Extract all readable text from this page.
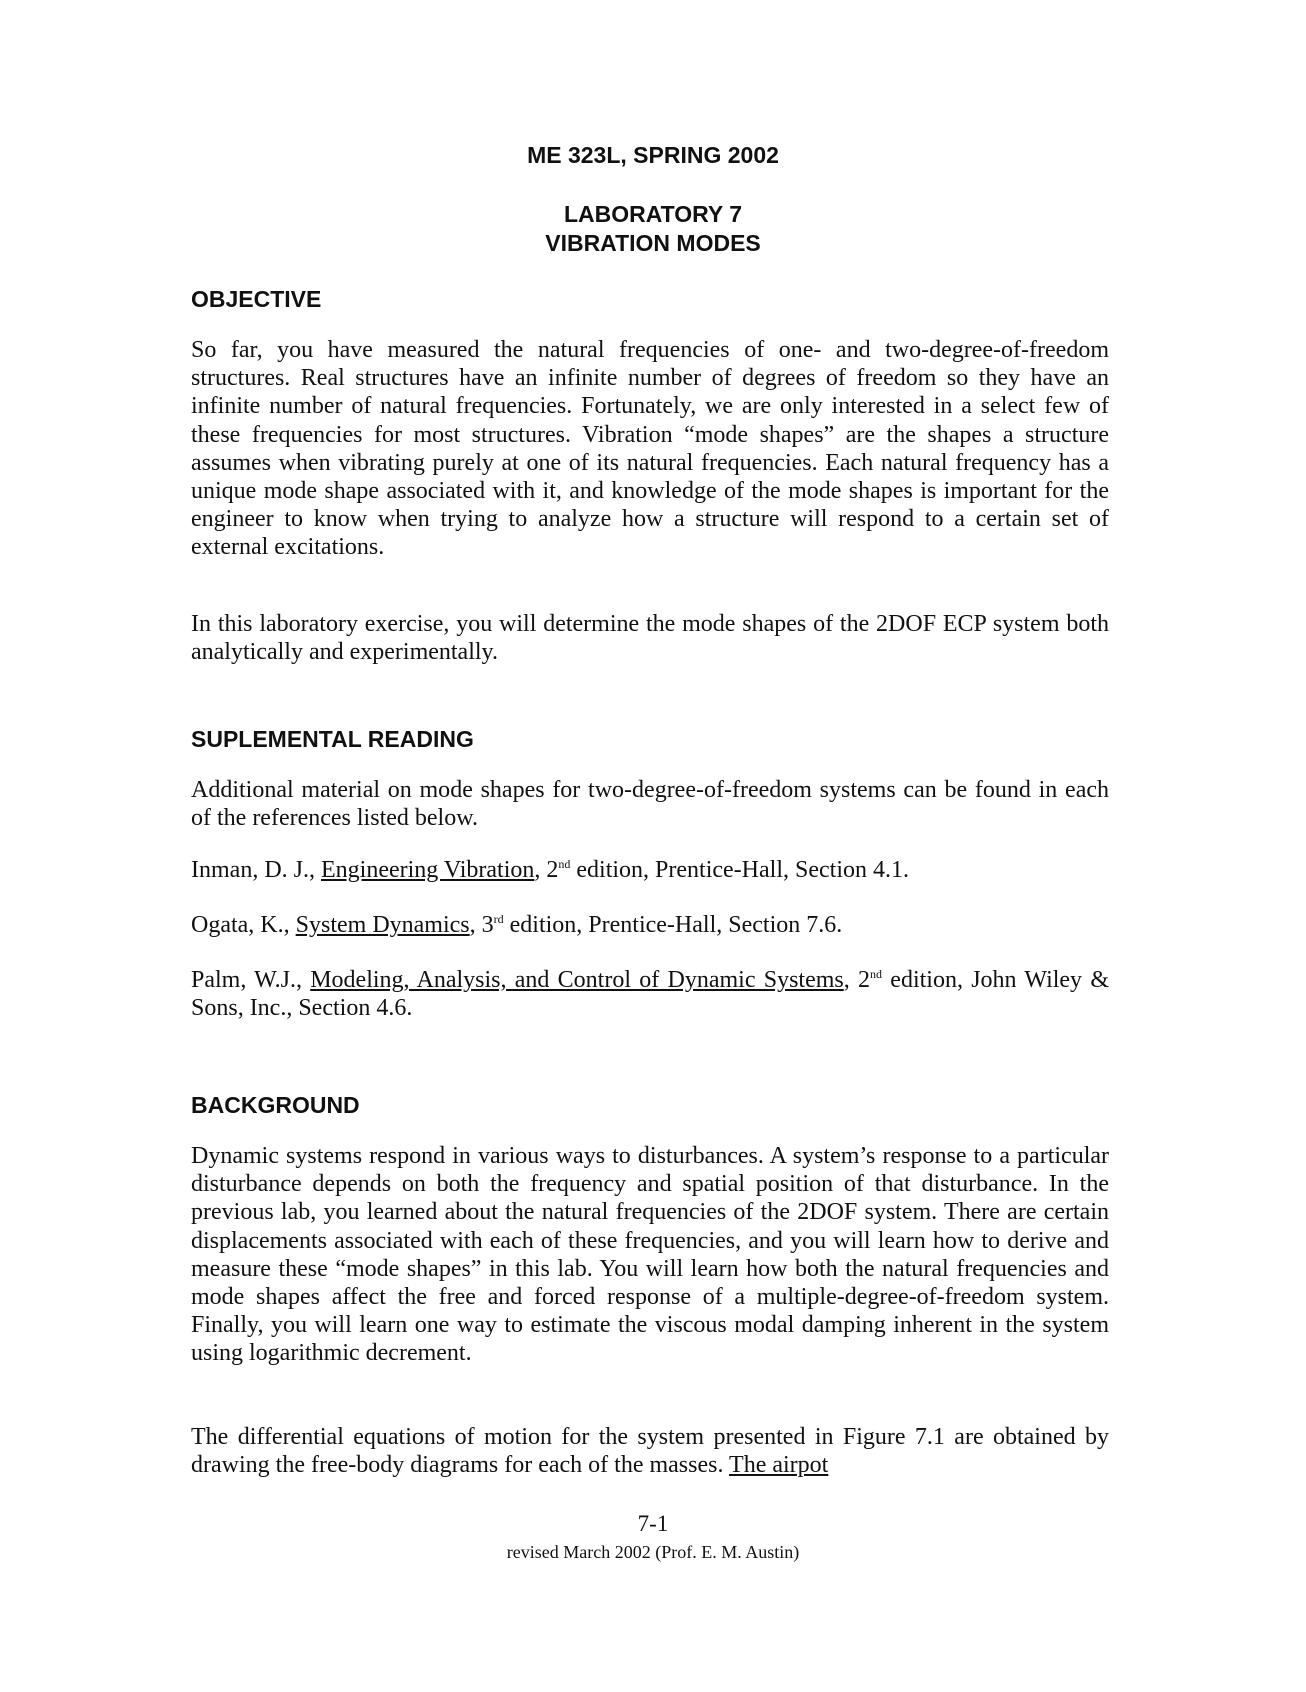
ME 323L, SPRING 2002
LABORATORY 7
VIBRATION MODES
OBJECTIVE

So far, you have measured the natural frequencies of one- and two-degree-of-freedom structures. Real structures have an infinite number of degrees of freedom so they have an infinite number of natural frequencies. Fortunately, we are only interested in a select few of these frequencies for most structures. Vibration “mode shapes” are the shapes a structure assumes when vibrating purely at one of its natural frequencies. Each natural frequency has a unique mode shape associated with it, and knowledge of the mode shapes is important for the engineer to know when trying to analyze how a structure will respond to a certain set of external excitations.

In this laboratory exercise, you will determine the mode shapes of the 2DOF ECP system both analytically and experimentally.

SUPLEMENTAL READING

Additional material on mode shapes for two-degree-of-freedom systems can be found in each of the references listed below.

Inman, D. J., Engineering Vibration, 2nd edition, Prentice-Hall, Section 4.1.

Ogata, K., System Dynamics, 3rd edition, Prentice-Hall, Section 7.6.

Palm, W.J., Modeling, Analysis, and Control of Dynamic Systems, 2nd edition, John Wiley & Sons, Inc., Section 4.6.

BACKGROUND

Dynamic systems respond in various ways to disturbances. A system’s response to a particular disturbance depends on both the frequency and spatial position of that disturbance. In the previous lab, you learned about the natural frequencies of the 2DOF system. There are certain displacements associated with each of these frequencies, and you will learn how to derive and measure these “mode shapes” in this lab. You will learn how both the natural frequencies and mode shapes affect the free and forced response of a multiple-degree-of-freedom system. Finally, you will learn one way to estimate the viscous modal damping inherent in the system using logarithmic decrement.

The differential equations of motion for the system presented in Figure 7.1 are obtained by drawing the free-body diagrams for each of the masses. The airpot

7-1

revised March 2002 (Prof. E. M. Austin)
